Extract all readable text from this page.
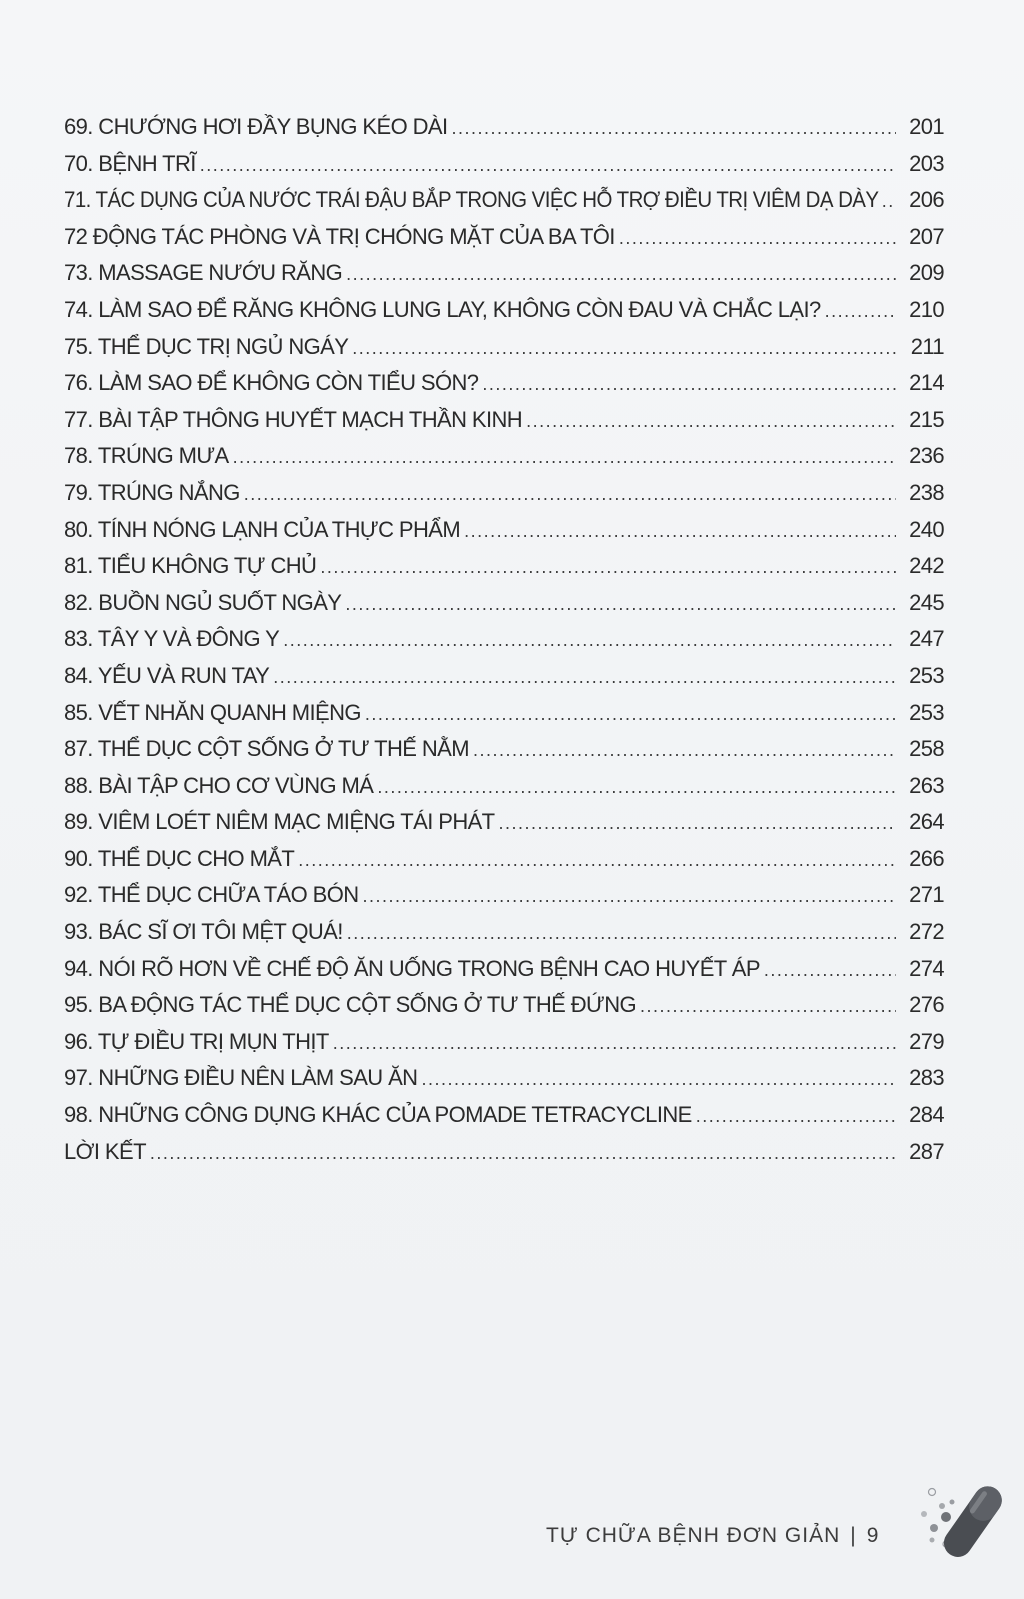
69. CHƯỚNG HƠI ĐẦY BỤNG KÉO DÀI .....	201
70. BỆNH TRĨ .....	203
71. TÁC DỤNG CỦA NƯỚC TRÁI ĐẬU BẮP TRONG VIỆC HỖ TRỢ ĐIỀU TRỊ VIÊM DẠ DÀY .....	206
72 ĐỘNG TÁC PHÒNG VÀ TRỊ CHÓNG MẶT CỦA BA TÔI .....	207
73. MASSAGE NƯỚU RĂNG .....	209
74. LÀM SAO ĐỂ RĂNG KHÔNG LUNG LAY, KHÔNG CÒN ĐAU VÀ CHẮC LẠI? .....	210
75. THỂ DỤC TRỊ NGỦ NGÁY .....	211
76. LÀM SAO ĐỂ KHÔNG CÒN TIỂU SÓN? .....	214
77. BÀI TẬP THÔNG HUYẾT MẠCH THẦN KINH .....	215
78. TRÚNG MƯA .....	236
79. TRÚNG NẮNG .....	238
80. TÍNH NÓNG LẠNH CỦA THỰC PHẨM .....	240
81. TIỂU KHÔNG TỰ CHỦ .....	242
82. BUỒN NGỦ SUỐT NGÀY .....	245
83. TÂY Y VÀ ĐÔNG Y .....	247
84. YẾU VÀ RUN TAY .....	253
85. VẾT NHĂN QUANH MIỆNG .....	253
87. THỂ DỤC CỘT SỐNG Ở TƯ THẾ NẰM .....	258
88. BÀI TẬP CHO CƠ VÙNG MÁ .....	263
89. VIÊM LOÉT NIÊM MẠC MIỆNG TÁI PHÁT .....	264
90. THỂ DỤC CHO MẮT .....	266
92. THỂ DỤC CHỮA TÁO BÓN .....	271
93. BÁC SĨ ƠI TÔI MỆT QUÁ! .....	272
94. NÓI RÕ HƠN VỀ CHẾ ĐỘ ĂN UỐNG TRONG BỆNH CAO HUYẾT ÁP .....	274
95. BA ĐỘNG TÁC THỂ DỤC CỘT SỐNG Ở TƯ THẾ ĐỨNG .....	276
96. TỰ ĐIỀU TRỊ MỤN THỊT .....	279
97. NHỮNG ĐIỀU NÊN LÀM SAU ĂN .....	283
98. NHỮNG CÔNG DỤNG KHÁC CỦA POMADE TETRACYCLINE .....	284
LỜI KẾT .....	287
TỰ CHỮA BỆNH ĐƠN GIẢN | 9
